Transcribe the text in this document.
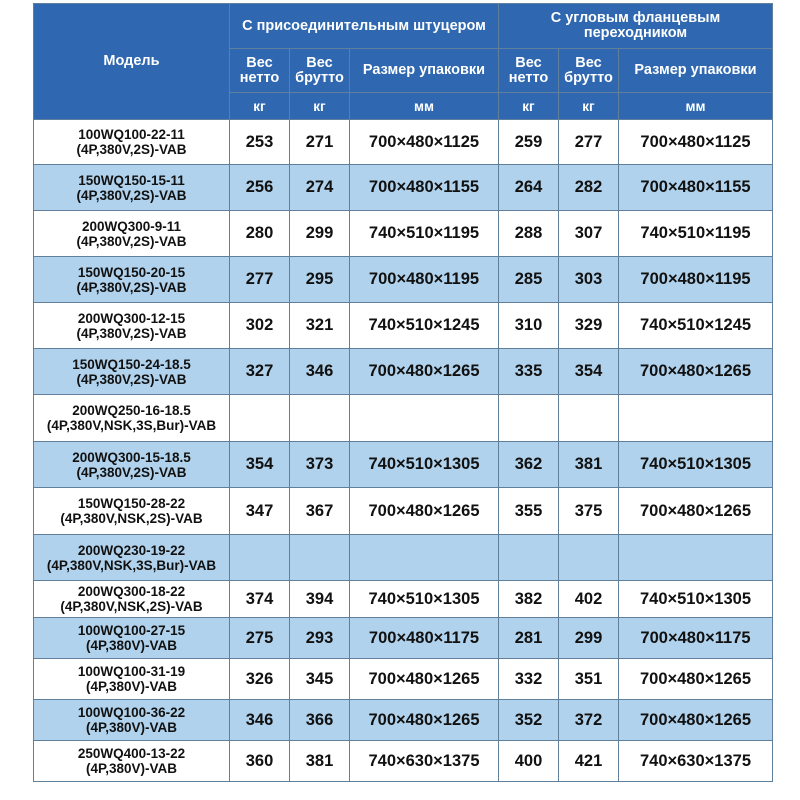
Модель	С присоединительным штуцером			С угловым фланцевым переходником		
	Вес нетто	Вес брутто	Размер упаковки	Вес нетто	Вес брутто	Размер упаковки
	кг	кг	мм	кг	кг	мм

100WQ100-22-11
(4P,380V,2S)-VAB	253	271	700×480×1125	259	277	700×480×1125

150WQ150-15-11
(4P,380V,2S)-VAB	256	274	700×480×1155	264	282	700×480×1155

200WQ300-9-11
(4P,380V,2S)-VAB	280	299	740×510×1195	288	307	740×510×1195

150WQ150-20-15
(4P,380V,2S)-VAB	277	295	700×480×1195	285	303	700×480×1195

200WQ300-12-15
(4P,380V,2S)-VAB	302	321	740×510×1245	310	329	740×510×1245

150WQ150-24-18.5
(4P,380V,2S)-VAB	327	346	700×480×1265	335	354	700×480×1265

200WQ250-16-18.5
(4P,380V,NSK,3S,Bur)-VAB						

200WQ300-15-18.5
(4P,380V,2S)-VAB	354	373	740×510×1305	362	381	740×510×1305

150WQ150-28-22
(4P,380V,NSK,2S)-VAB	347	367	700×480×1265	355	375	700×480×1265

200WQ230-19-22
(4P,380V,NSK,3S,Bur)-VAB						

200WQ300-18-22
(4P,380V,NSK,2S)-VAB	374	394	740×510×1305	382	402	740×510×1305

100WQ100-27-15
(4P,380V)-VAB	275	293	700×480×1175	281	299	700×480×1175

100WQ100-31-19
(4P,380V)-VAB	326	345	700×480×1265	332	351	700×480×1265

100WQ100-36-22
(4P,380V)-VAB	346	366	700×480×1265	352	372	700×480×1265

250WQ400-13-22
(4P,380V)-VAB	360	381	740×630×1375	400	421	740×630×1375
